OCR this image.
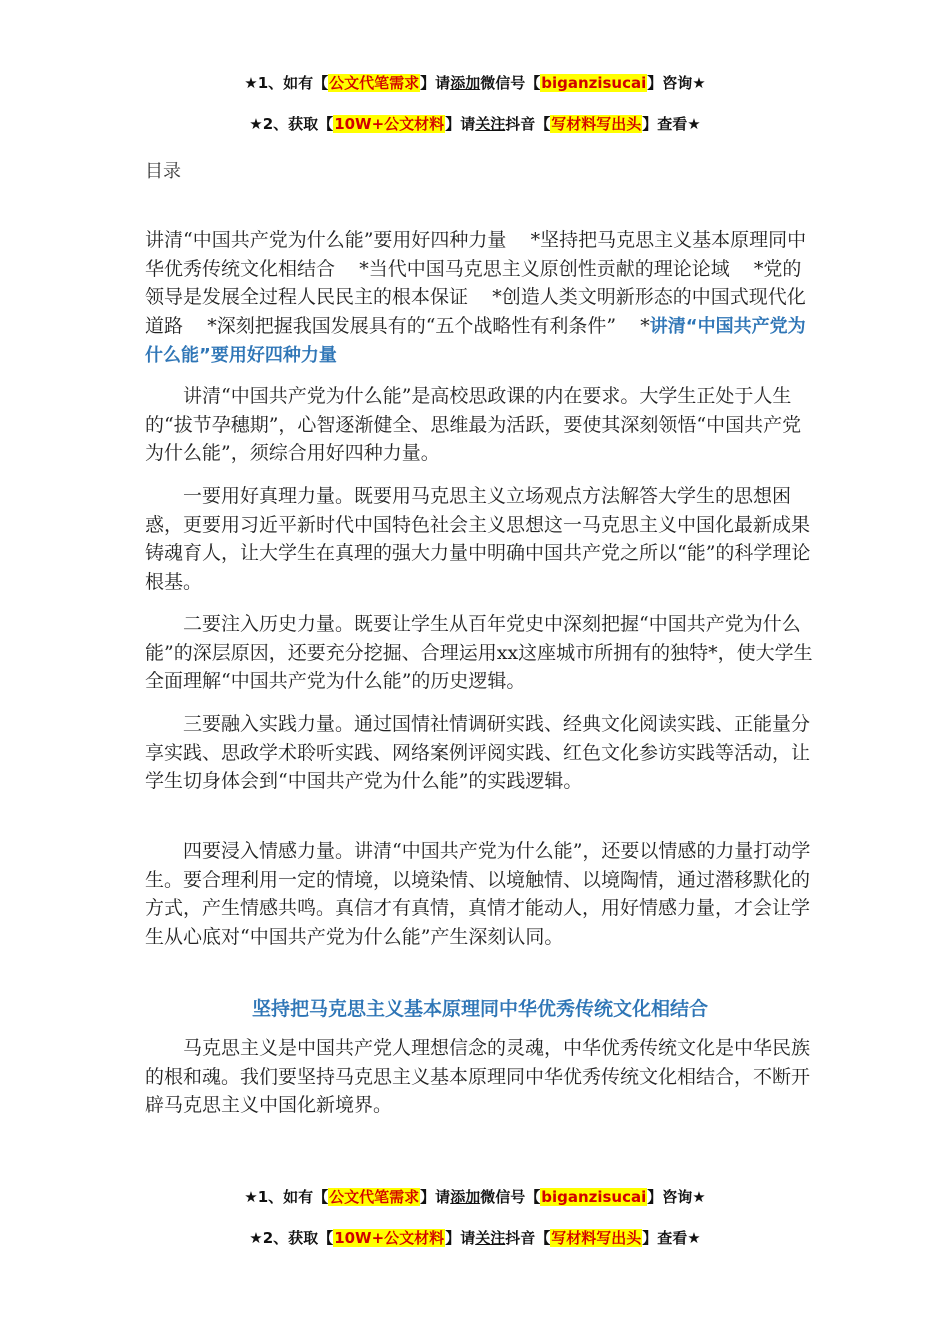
★1、如有【公文代笔需求】请添加微信号【biganzisucai】咨询★
★2、获取【10W+公文材料】请关注抖音【写材料写出头】查看★
目录
讲清“中国共产党为什么能”要用好四种力量 *坚持把马克思主义基本原理同中华优秀传统文化相结合 *当代中国马克思主义原创性贡献的理论论域 *党的领导是发展全过程人民民主的根本保证 *创造人类文明新形态的中国式现代化道路 *深刻把握我国发展具有的“五个战略性有利条件” *讲清“中国共产党为什么能”要用好四种力量
讲清“中国共产党为什么能”是高校思政课的内在要求。大学生正处于人生的“拔节孕穗期”，心智逐渐健全、思维最为活跃，要使其深刻领悟“中国共产党为什么能”，须综合用好四种力量。
一要用好真理力量。既要用马克思主义立场观点方法解答大学生的思想困惑，更要用习近平新时代中国特色社会主义思想这一马克思主义中国化最新成果铸魂育人，让大学生在真理的强大力量中明确中国共产党之所以“能”的科学理论根基。
二要注入历史力量。既要让学生从百年党史中深刻把握“中国共产党为什么能”的深层原因，还要充分挖掘、合理运用xx这座城市所拥有的独特*，使大学生全面理解“中国共产党为什么能”的历史逻辑。
三要融入实践力量。通过国情社情调研实践、经典文化阅读实践、正能量分享实践、思政学术聆听实践、网络案例评阅实践、红色文化参访实践等活动，让学生切身体会到“中国共产党为什么能”的实践逻辑。
四要浸入情感力量。讲清“中国共产党为什么能”，还要以情感的力量打动学生。要合理利用一定的情境，以境染情、以境触情、以境陶情，通过潜移默化的方式，产生情感共鸣。真信才有真情，真情才能动人，用好情感力量，才会让学生从心底对“中国共产党为什么能”产生深刻认同。
坚持把马克思主义基本原理同中华优秀传统文化相结合
马克思主义是中国共产党人理想信念的灵魂，中华优秀传统文化是中华民族的根和魂。我们要坚持马克思主义基本原理同中华优秀传统文化相结合，不断开辟马克思主义中国化新境界。
★1、如有【公文代笔需求】请添加微信号【biganzisucai】咨询★
★2、获取【10W+公文材料】请关注抖音【写材料写出头】查看★
